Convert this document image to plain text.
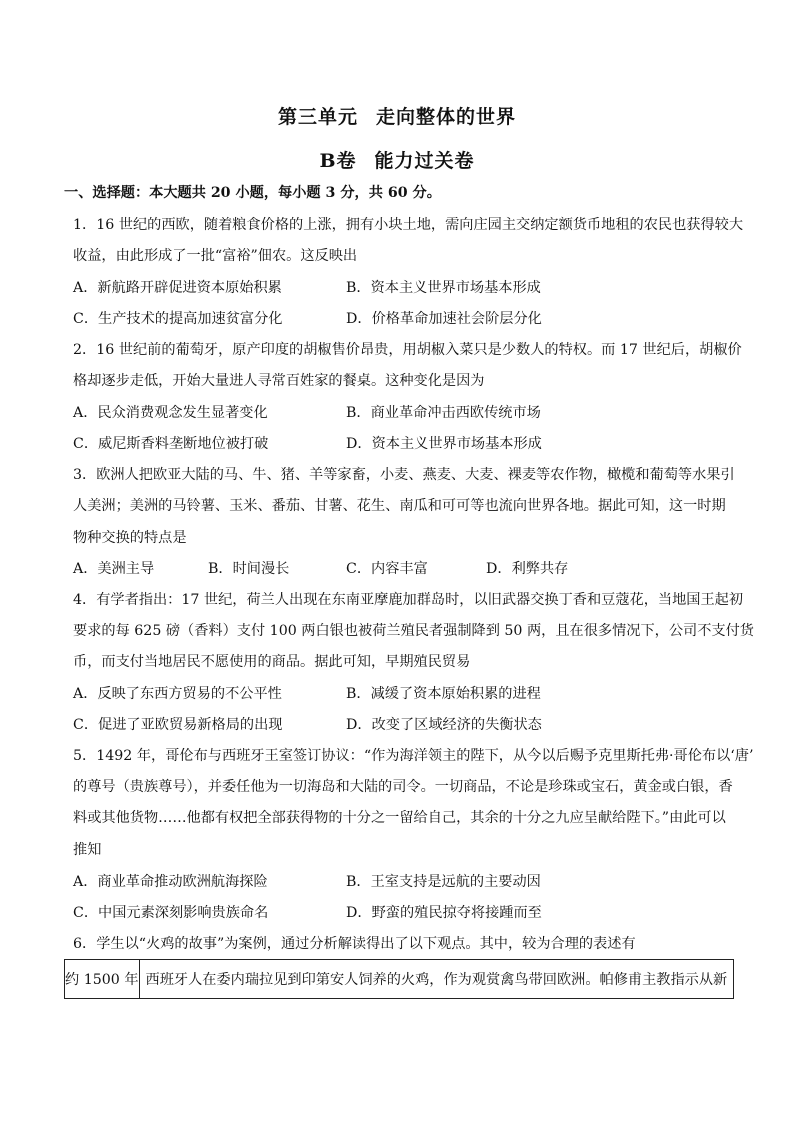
第三单元 走向整体的世界
B卷 能力过关卷
一、选择题：本大题共 20 小题，每小题 3 分，共 60 分。
1．16 世纪的西欧，随着粮食价格的上涨，拥有小块土地，需向庄园主交纳定额货币地租的农民也获得较大
收益，由此形成了一批“富裕”佃农。这反映出
A．新航路开辟促进资本原始积累	B．资本主义世界市场基本形成
C．生产技术的提高加速贫富分化	D．价格革命加速社会阶层分化
2．16 世纪前的葡萄牙，原产印度的胡椒售价昂贵，用胡椒入菜只是少数人的特权。而 17 世纪后，胡椒价
格却逐步走低，开始大量进人寻常百姓家的餐桌。这种变化是因为
A．民众消费观念发生显著变化	B．商业革命冲击西欧传统市场
C．威尼斯香料垄断地位被打破	D．资本主义世界市场基本形成
3．欧洲人把欧亚大陆的马、牛、猪、羊等家畜，小麦、燕麦、大麦、裸麦等农作物，橄榄和葡萄等水果引
人美洲；美洲的马铃薯、玉米、番茄、甘薯、花生、南瓜和可可等也流向世界各地。据此可知，这一时期
物种交换的特点是
A．美洲主导	B．时间漫长	C．内容丰富	D．利弊共存
4．有学者指出：17 世纪，荷兰人出现在东南亚摩鹿加群岛时，以旧武器交换丁香和豆蔻花，当地国王起初
要求的每 625 磅（香料）支付 100 两白银也被荷兰殖民者强制降到 50 两，且在很多情况下，公司不支付货
币，而支付当地居民不愿使用的商品。据此可知，早期殖民贸易
A．反映了东西方贸易的不公平性	B．减缓了资本原始积累的进程
C．促进了亚欧贸易新格局的出现	D．改变了区域经济的失衡状态
5．1492 年，哥伦布与西班牙王室签订协议：“作为海洋领主的陛下，从今以后赐予克里斯托弗·哥伦布以‘唐’
的尊号（贵族尊号），并委任他为一切海岛和大陆的司令。一切商品，不论是珍珠或宝石，黄金或白银，香
料或其他货物……他都有权把全部获得物的十分之一留给自己，其余的十分之九应呈献给陛下。”由此可以
推知
A．商业革命推动欧洲航海探险	B．王室支持是远航的主要动因
C．中国元素深刻影响贵族命名	D．野蛮的殖民掠夺将接踵而至
6．学生以“火鸡的故事”为案例，通过分析解读得出了以下观点。其中，较为合理的表述有
约 1500 年	西班牙人在委内瑞拉见到印第安人饲养的火鸡，作为观赏禽鸟带回欧洲。帕修甫主教指示从新
